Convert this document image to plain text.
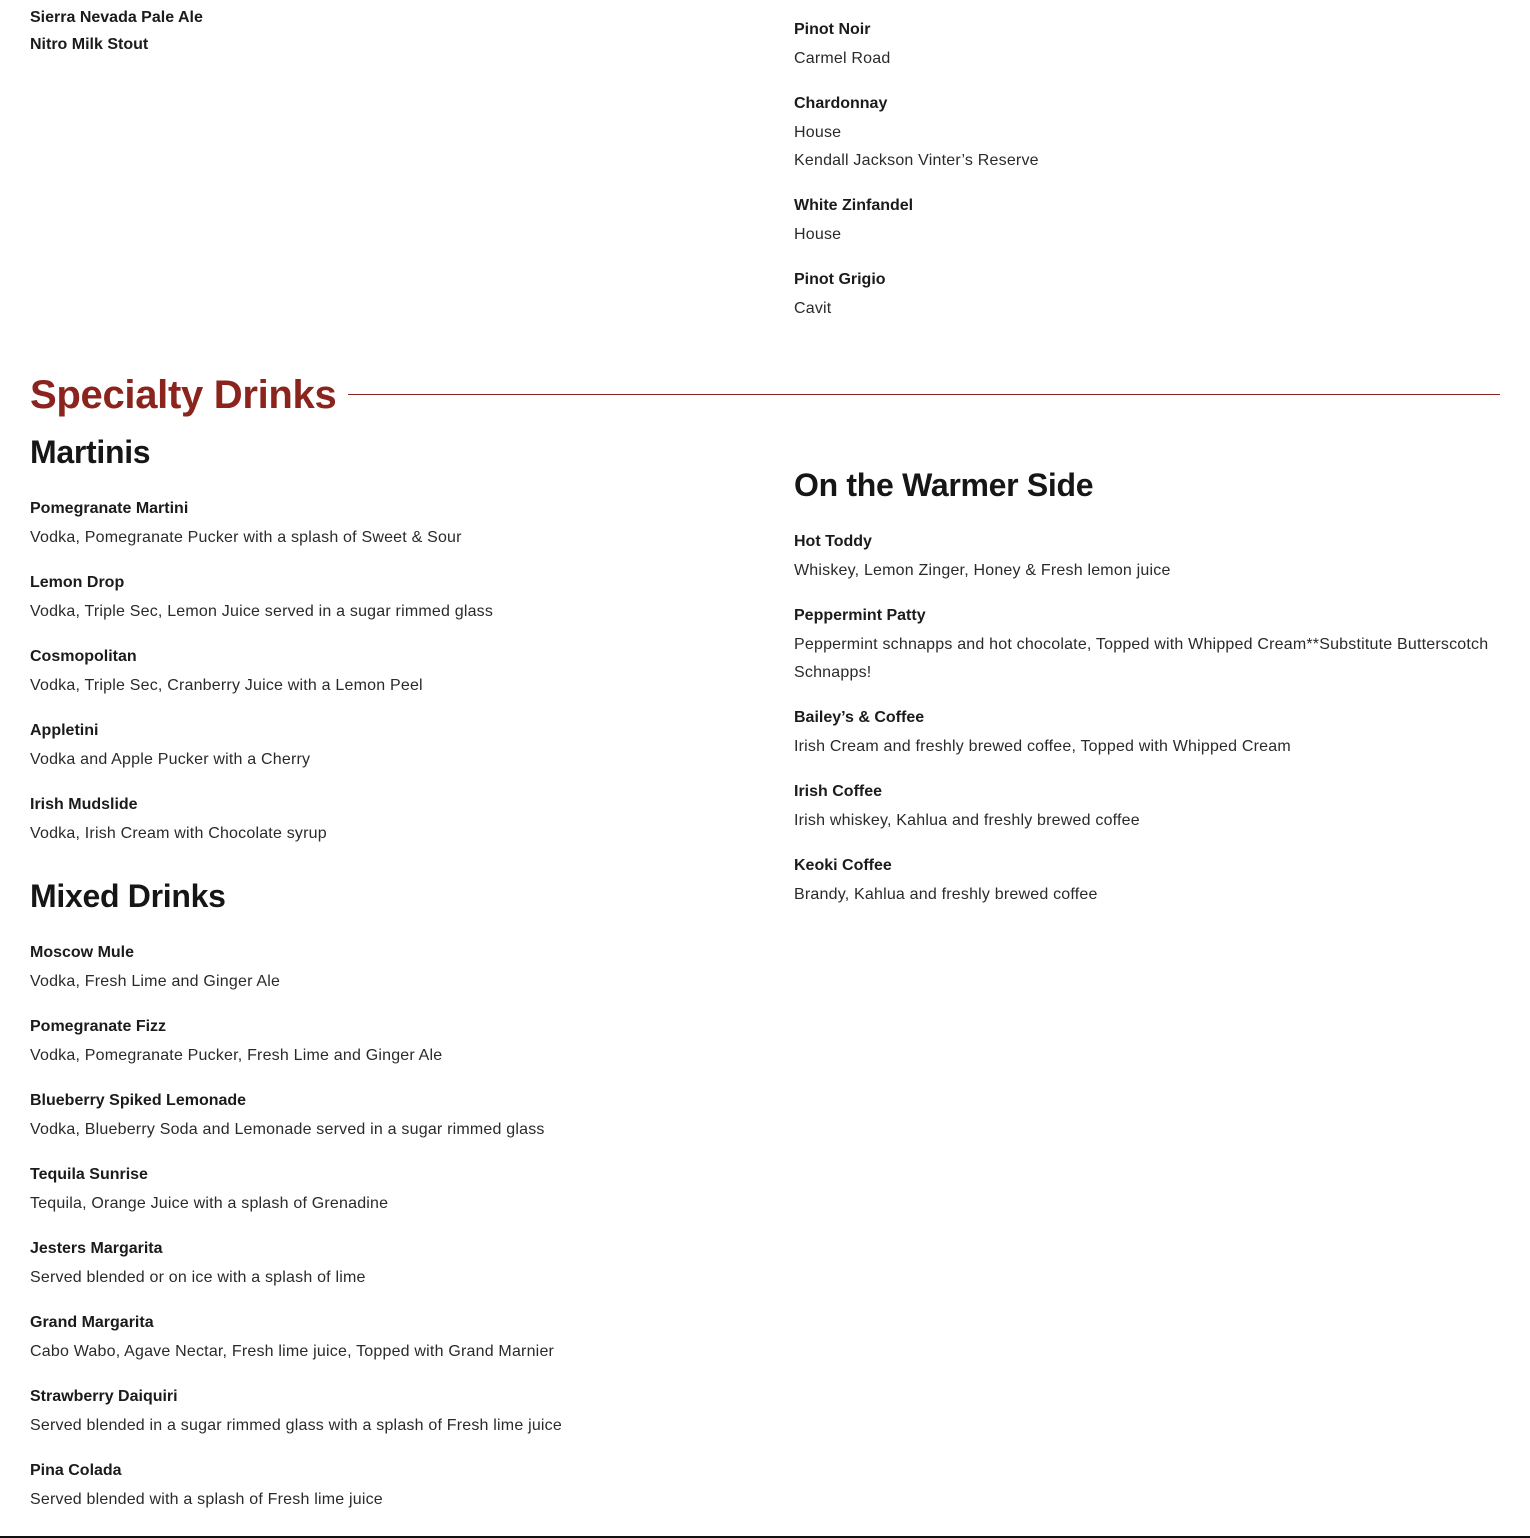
Sierra Nevada Pale Ale
Nitro Milk Stout
Pinot Noir
Carmel Road
Chardonnay
House
Kendall Jackson Vinter’s Reserve
White Zinfandel
House
Pinot Grigio
Cavit
Specialty Drinks
Martinis
Pomegranate Martini
Vodka, Pomegranate Pucker with a splash of Sweet & Sour
Lemon Drop
Vodka, Triple Sec, Lemon Juice served in a sugar rimmed glass
Cosmopolitan
Vodka, Triple Sec, Cranberry Juice with a Lemon Peel
Appletini
Vodka and Apple Pucker with a Cherry
Irish Mudslide
Vodka, Irish Cream with Chocolate syrup
Mixed Drinks
Moscow Mule
Vodka, Fresh Lime and Ginger Ale
Pomegranate Fizz
Vodka, Pomegranate Pucker, Fresh Lime and Ginger Ale
Blueberry Spiked Lemonade
Vodka, Blueberry Soda and Lemonade served in a sugar rimmed glass
Tequila Sunrise
Tequila, Orange Juice with a splash of Grenadine
Jesters Margarita
Served blended or on ice with a splash of lime
Grand Margarita
Cabo Wabo, Agave Nectar, Fresh lime juice, Topped with Grand Marnier
Strawberry Daiquiri
Served blended in a sugar rimmed glass with a splash of Fresh lime juice
Pina Colada
Served blended with a splash of Fresh lime juice
On the Warmer Side
Hot Toddy
Whiskey, Lemon Zinger, Honey & Fresh lemon juice
Peppermint Patty
Peppermint schnapps and hot chocolate, Topped with Whipped Cream**Substitute Butterscotch Schnapps!
Bailey’s & Coffee
Irish Cream and freshly brewed coffee, Topped with Whipped Cream
Irish Coffee
Irish whiskey, Kahlua and freshly brewed coffee
Keoki Coffee
Brandy, Kahlua and freshly brewed coffee
